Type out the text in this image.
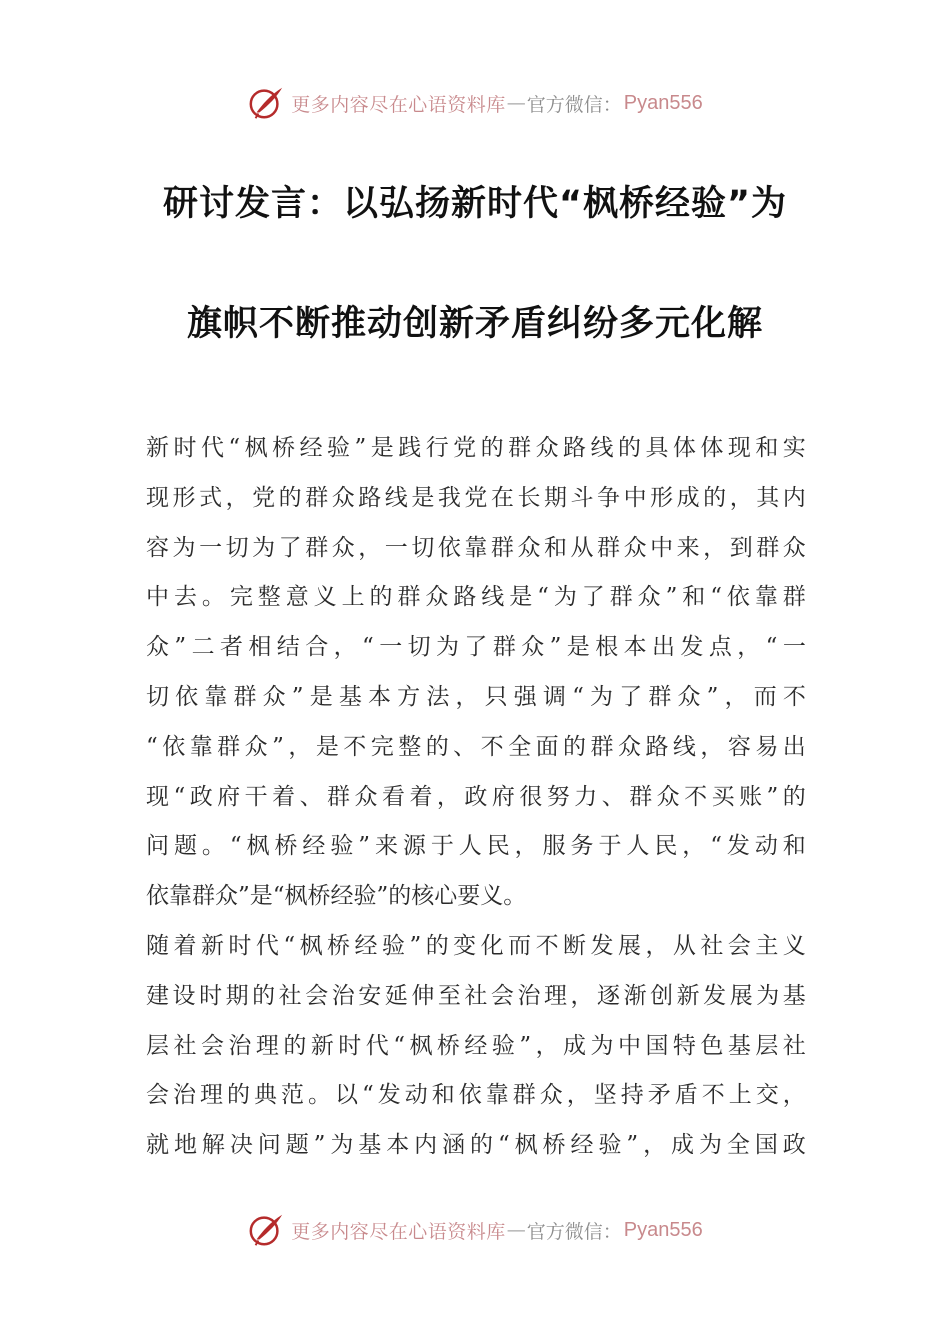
更多内容尽在心语资料库 — 官方微信： Pyan556
研讨发言：以弘扬新时代“枫桥经验”为
旗帜不断推动创新矛盾纠纷多元化解
新 时 代 “ 枫 桥 经 验 ” 是 践 行 党 的 群 众 路 线 的 具 体 体 现 和 实
现 形 式 ， 党 的 群 众 路 线 是 我 党 在 长 期 斗 争 中 形 成 的 ， 其 内
容 为 一 切 为 了 群 众 ， 一 切 依 靠 群 众 和 从 群 众 中 来 ， 到 群 众
中 去 。 完 整 意 义 上 的 群 众 路 线 是 “ 为 了 群 众 ” 和 “ 依 靠 群
众 ” 二 者 相 结 合 ， “ 一 切 为 了 群 众 ” 是 根 本 出 发 点 ， “ 一
切 依 靠 群 众 ” 是 基 本 方 法 ， 只 强 调 “ 为 了 群 众 ” ， 而 不
“ 依 靠 群 众 ” ， 是 不 完 整 的 、 不 全 面 的 群 众 路 线 ， 容 易 出
现 “ 政 府 干 着 、 群 众 看 着 ， 政 府 很 努 力 、 群 众 不 买 账 ” 的
问 题 。 “ 枫 桥 经 验 ” 来 源 于 人 民 ， 服 务 于 人 民 ， “ 发 动 和
依靠群众”是“枫桥经验”的核心要义。
随 着 新 时 代 “ 枫 桥 经 验 ” 的 变 化 而 不 断 发 展 ， 从 社 会 主 义
建 设 时 期 的 社 会 治 安 延 伸 至 社 会 治 理 ， 逐 渐 创 新 发 展 为 基
层 社 会 治 理 的 新 时 代 “ 枫 桥 经 验 ” ， 成 为 中 国 特 色 基 层 社
会 治 理 的 典 范 。 以 “ 发 动 和 依 靠 群 众 ， 坚 持 矛 盾 不 上 交 ，
就 地 解 决 问 题 ” 为 基 本 内 涵 的 “ 枫 桥 经 验 ” ， 成 为 全 国 政
更多内容尽在心语资料库 — 官方微信： Pyan556
